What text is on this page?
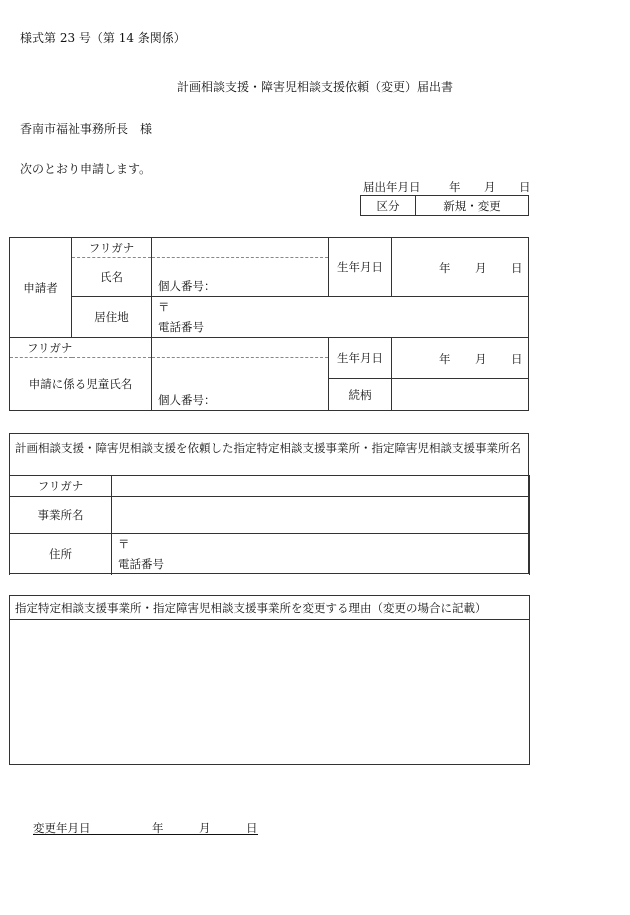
様式第 23 号（第 14 条関係）
計画相談支援・障害児相談支援依頼（変更）届出書
香南市福祉事務所長　様
次のとおり申請します。
届出年月日 年 月 日
区分	新規・変更
申請者	フリガナ		生年月日	年 月 日

	氏名	個人番号：		
	居住地	〒
電話番号		

フリガナ			生年月日	年 月 日

申請に係る児童氏名		個人番号：		
			続柄	
計画相談支援・障害児相談支援を依頼した指定特定相談支援事業所・指定障害児相談支援事業所名
フリガナ	
事業所名	
住所	〒
電話番号
指定特定相談支援事業所・指定障害児相談支援事業所を変更する理由（変更の場合に記載）
変更年月日	年	月	日
